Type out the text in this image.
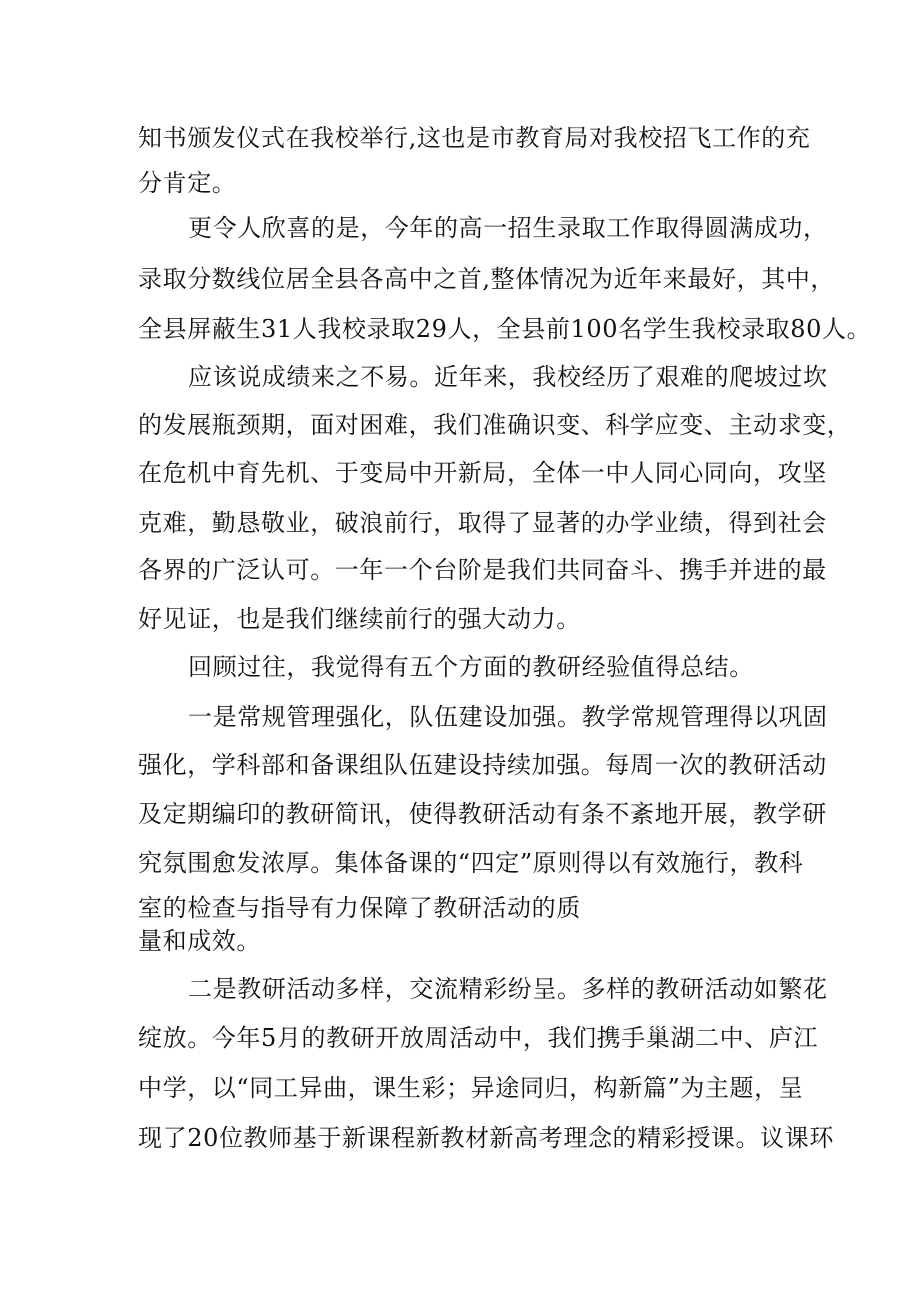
知书颁发仪式在我校举行,这也是市教育局对我校招飞工作的充
分肯定。
更令人欣喜的是，今年的高一招生录取工作取得圆满成功，
录取分数线位居全县各高中之首,整体情况为近年来最好，其中，
全县屏蔽生31人我校录取29人，全县前100名学生我校录取80人。
应该说成绩来之不易。近年来，我校经历了艰难的爬坡过坎
的发展瓶颈期，面对困难，我们准确识变、科学应变、主动求变，
在危机中育先机、于变局中开新局，全体一中人同心同向，攻坚
克难，勤恳敬业，破浪前行，取得了显著的办学业绩，得到社会
各界的广泛认可。一年一个台阶是我们共同奋斗、携手并进的最
好见证，也是我们继续前行的强大动力。
回顾过往，我觉得有五个方面的教研经验值得总结。
一是常规管理强化，队伍建设加强。教学常规管理得以巩固
强化，学科部和备课组队伍建设持续加强。每周一次的教研活动
及定期编印的教研简讯，使得教研活动有条不紊地开展，教学研
究氛围愈发浓厚。集体备课的“四定”原则得以有效施行，教科
室的检查与指导有力保障了教研活动的质
量和成效。
二是教研活动多样，交流精彩纷呈。多样的教研活动如繁花
绽放。今年5月的教研开放周活动中，我们携手巢湖二中、庐江
中学，以“同工异曲，课生彩；异途同归，构新篇”为主题，呈
现了20位教师基于新课程新教材新高考理念的精彩授课。议课环
